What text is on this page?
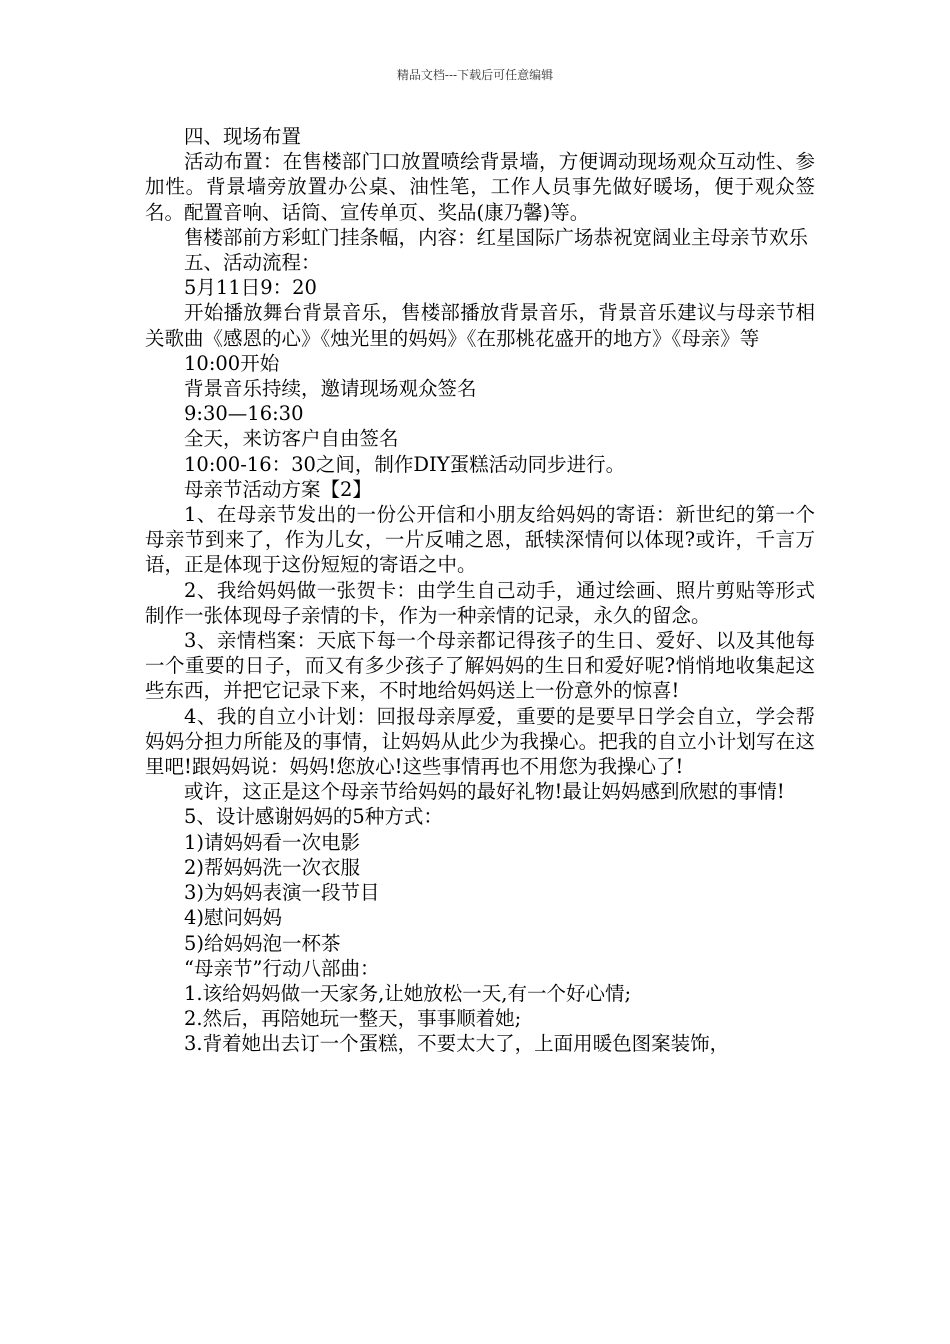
精品文档---下载后可任意编辑

四、现场布置

活动布置：在售楼部门口放置喷绘背景墙，方便调动现场观众互动性、参加性。背景墙旁放置办公桌、油性笔，工作人员事先做好暖场，便于观众签名。配置音响、话筒、宣传单页、奖品(康乃馨)等。

售楼部前方彩虹门挂条幅，内容：红星国际广场恭祝宽阔业主母亲节欢乐

五、活动流程：

5月11日9：20

开始播放舞台背景音乐，售楼部播放背景音乐，背景音乐建议与母亲节相关歌曲《感恩的心》《烛光里的妈妈》《在那桃花盛开的地方》《母亲》等

10:00开始

背景音乐持续，邀请现场观众签名

9:30—16:30

全天，来访客户自由签名

10:00-16：30之间，制作DIY蛋糕活动同步进行。

母亲节活动方案【2】

1、在母亲节发出的一份公开信和小朋友给妈妈的寄语：新世纪的第一个母亲节到来了，作为儿女，一片反哺之恩，舐犊深情何以体现?或许，千言万语，正是体现于这份短短的寄语之中。

2、我给妈妈做一张贺卡：由学生自己动手，通过绘画、照片剪贴等形式制作一张体现母子亲情的卡，作为一种亲情的记录，永久的留念。

3、亲情档案：天底下每一个母亲都记得孩子的生日、爱好、以及其他每一个重要的日子，而又有多少孩子了解妈妈的生日和爱好呢?悄悄地收集起这些东西，并把它记录下来，不时地给妈妈送上一份意外的惊喜!

4、我的自立小计划：回报母亲厚爱，重要的是要早日学会自立，学会帮妈妈分担力所能及的事情，让妈妈从此少为我操心。把我的自立小计划写在这里吧!跟妈妈说：妈妈!您放心!这些事情再也不用您为我操心了!

或许，这正是这个母亲节给妈妈的最好礼物!最让妈妈感到欣慰的事情!

5、设计感谢妈妈的5种方式：

1)请妈妈看一次电影

2)帮妈妈洗一次衣服

3)为妈妈表演一段节目

4)慰问妈妈

5)给妈妈泡一杯茶

“母亲节”行动八部曲：

1.该给妈妈做一天家务,让她放松一天,有一个好心情;

2.然后，再陪她玩一整天，事事顺着她;

3.背着她出去订一个蛋糕，不要太大了，上面用暖色图案装饰，
